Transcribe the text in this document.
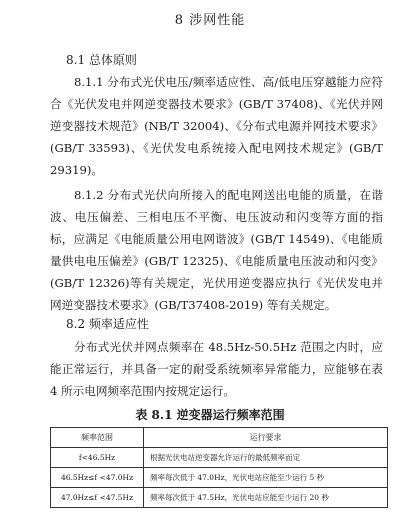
8 涉网性能
8.1 总体原则

8.1.1 分布式光伏电压/频率适应性、高/低电压穿越能力应符合《光伏发电并网逆变器技术要求》(GB/T 37408)、《光伏并网逆变器技术规范》(NB/T 32004)、《分布式电源并网技术要求》(GB/T 33593)、《光伏发电系统接入配电网技术规定》(GB/T 29319)。

8.1.2 分布式光伏向所接入的配电网送出电能的质量，在谐波、电压偏差、三相电压不平衡、电压波动和闪变等方面的指标，应满足《电能质量公用电网谐波》(GB/T 14549)、《电能质量供电电压偏差》(GB/T 12325)、《电能质量电压波动和闪变》(GB/T 12326)等有关规定，光伏用逆变器应执行《光伏发电并网逆变器技术要求》(GB/T37408-2019) 等有关规定。

8.2 频率适应性

分布式光伏并网点频率在 48.5Hz-50.5Hz 范围之内时，应能正常运行，并具备一定的耐受系统频率异常能力，应能够在表 4 所示电网频率范围内按规定运行。

表 8.1 逆变器运行频率范围
频率范围	运行要求
f<46.5Hz	根据光伏电站逆变器允许运行的最低频率而定
46.5Hz≤f <47.0Hz	频率每次低于 47.0Hz，光伏电站应能至少运行 5 秒
47.0Hz≤f <47.5Hz	频率每次低于 47.5Hz，光伏电站应能至少运行 20 秒
